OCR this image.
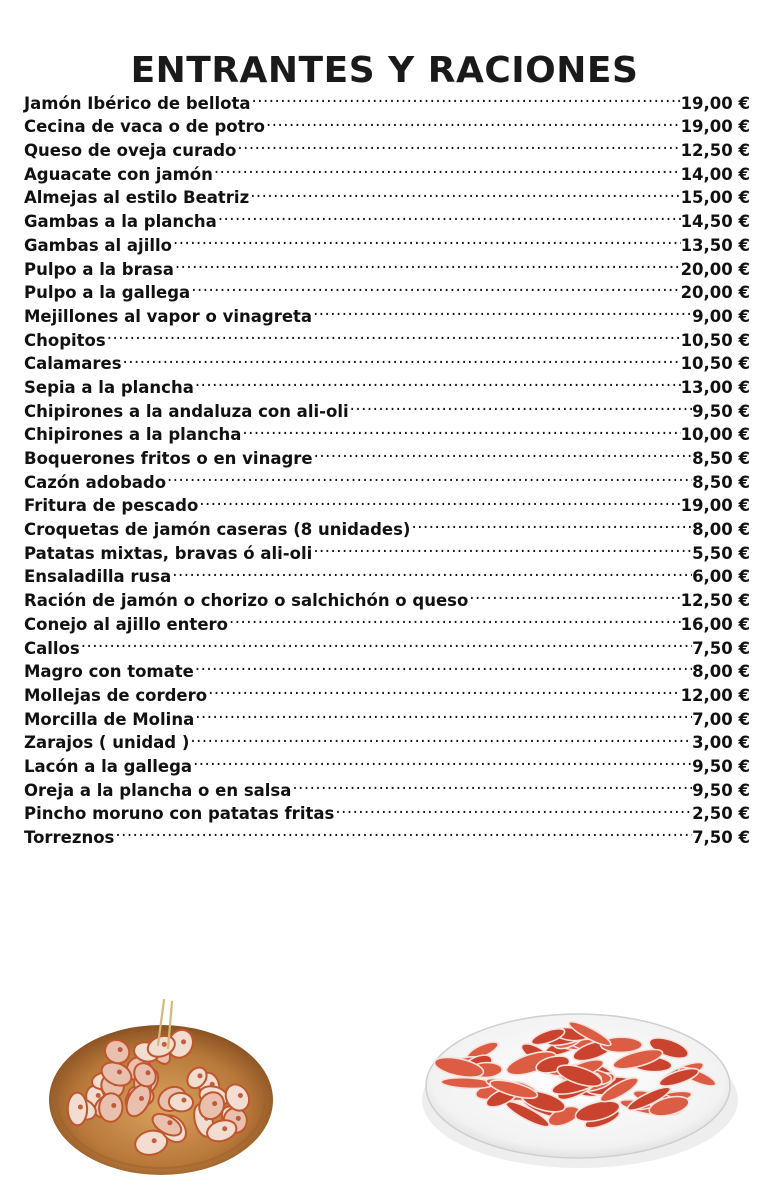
ENTRANTES Y RACIONES
Jamón Ibérico de bellota .....	19,00 €
Cecina de vaca o de potro .....	19,00 €
Queso de oveja curado .....	12,50 €
Aguacate con jamón .....	14,00 €
Almejas al estilo Beatriz .....	15,00 €
Gambas a la plancha .....	14,50 €
Gambas al ajillo .....	13,50 €
Pulpo a la brasa .....	20,00 €
Pulpo a la gallega .....	20,00 €
Mejillones al vapor o vinagreta .....	9,00 €
Chopitos .....	10,50 €
Calamares .....	10,50 €
Sepia a la plancha .....	13,00 €
Chipirones a la andaluza con ali-oli .....	9,50 €
Chipirones a la plancha .....	10,00 €
Boquerones fritos o en vinagre .....	8,50 €
Cazón adobado .....	8,50 €
Fritura de pescado .....	19,00 €
Croquetas de jamón caseras (8 unidades) .....	8,00 €
Patatas mixtas, bravas ó ali-oli .....	5,50 €
Ensaladilla rusa .....	6,00 €
Ración de jamón o chorizo o salchichón o queso .....	12,50 €
Conejo al ajillo entero .....	16,00 €
Callos .....	7,50 €
Magro con tomate .....	8,00 €
Mollejas de cordero .....	12,00 €
Morcilla de Molina .....	7,00 €
Zarajos ( unidad ) .....	3,00 €
Lacón a la gallega .....	9,50 €
Oreja a la plancha o en salsa .....	9,50 €
Pincho moruno con patatas fritas .....	2,50 €
Torreznos .....	7,50 €
